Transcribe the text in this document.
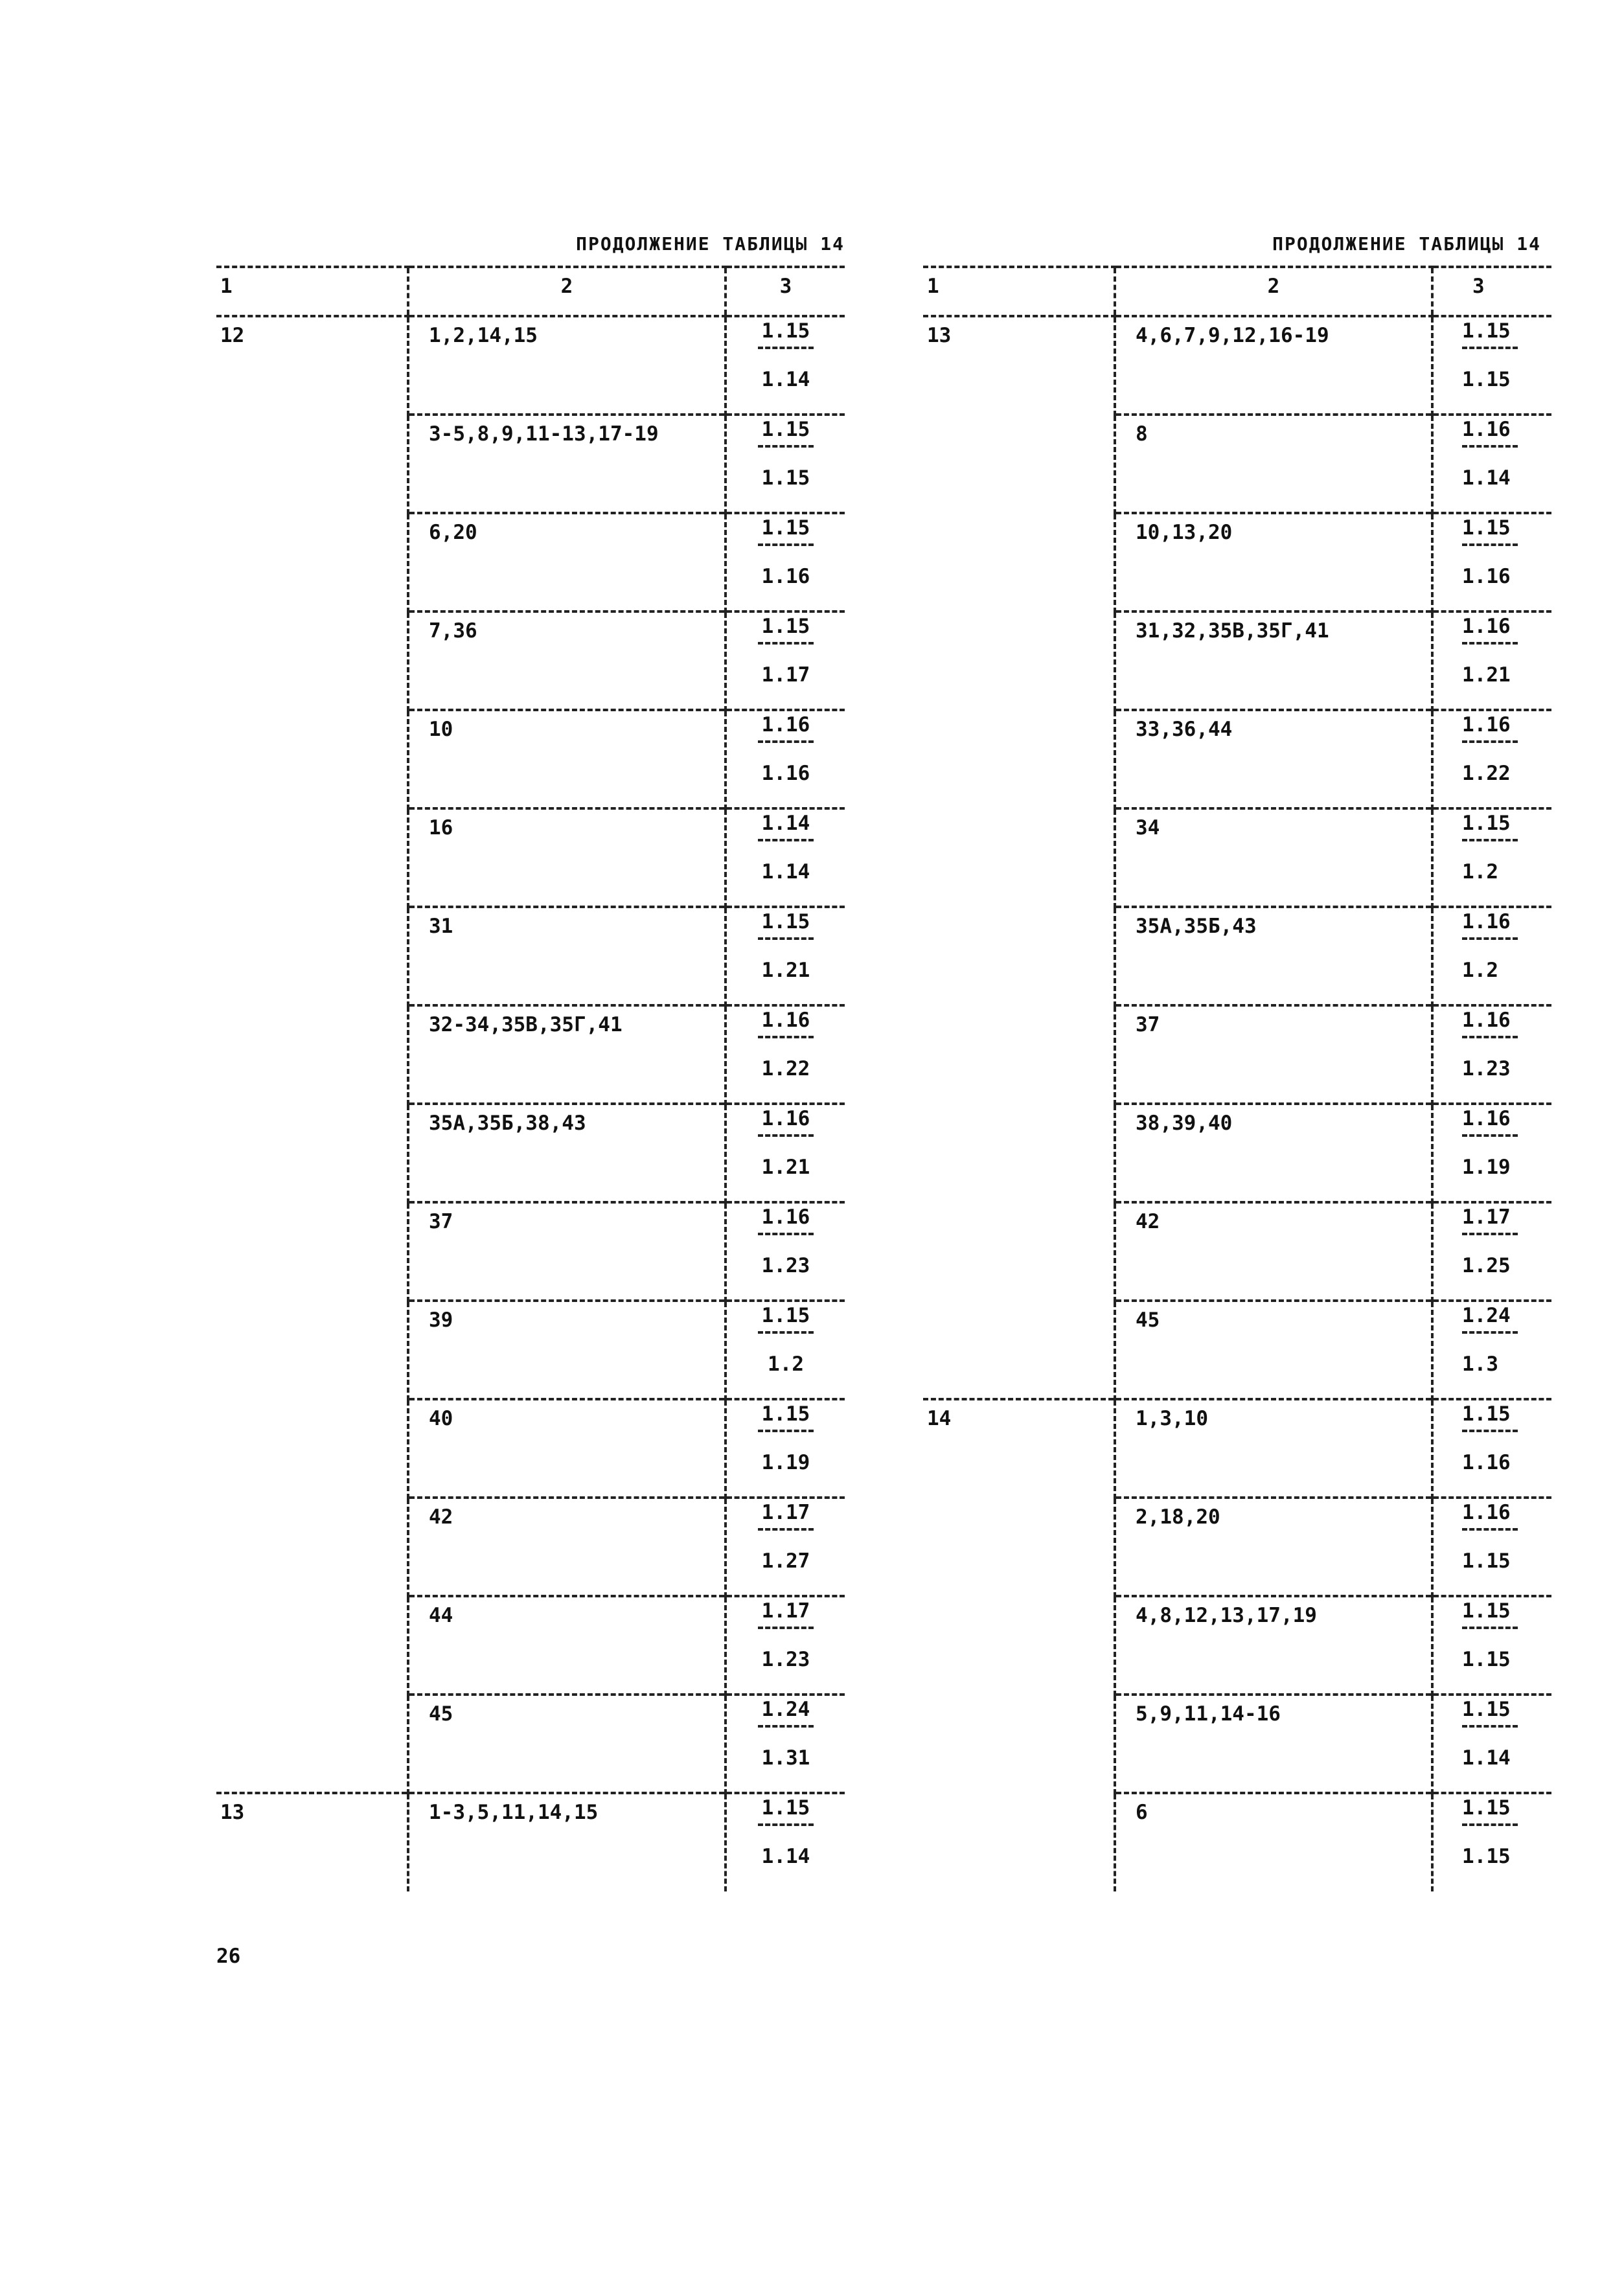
ПРОДОЛЖЕНИЕ ТАБЛИЦЫ 14
1	2	3
12	1,2,14,15	$\frac{1.15}{1.14}$

	3-5,8,9,11-13,17-19	$\frac{1.15}{1.15}$

	6,20	$\frac{1.15}{1.16}$

	7,36	$\frac{1.15}{1.17}$

	10	$\frac{1.16}{1.16}$

	16	$\frac{1.14}{1.14}$

	31	$\frac{1.15}{1.21}$

	32-34,35В,35Г,41	$\frac{1.16}{1.22}$

	35А,35Б,38,43	$\frac{1.16}{1.21}$

	37	$\frac{1.16}{1.23}$

	39	$\frac{1.15}{1.2}$

	40	$\frac{1.15}{1.19}$

	42	$\frac{1.17}{1.27}$

	44	$\frac{1.17}{1.23}$

	45	$\frac{1.24}{1.31}$

13	1-3,5,11,14,15	$\frac{1.15}{1.14}$
ПРОДОЛЖЕНИЕ ТАБЛИЦЫ 14
1	2	3
13	4,6,7,9,12,16-19	$\frac{1.15}{1.15}$

	8	$\frac{1.16}{1.14}$

	10,13,20	$\frac{1.15}{1.16}$

	31,32,35В,35Г,41	$\frac{1.16}{1.21}$

	33,36,44	$\frac{1.16}{1.22}$

	34	$\frac{1.15}{1.2}$

	35А,35Б,43	$\frac{1.16}{1.2}$

	37	$\frac{1.16}{1.23}$

	38,39,40	$\frac{1.16}{1.19}$

	42	$\frac{1.17}{1.25}$

	45	$\frac{1.24}{1.3}$

14	1,3,10	$\frac{1.15}{1.16}$

	2,18,20	$\frac{1.16}{1.15}$

	4,8,12,13,17,19	$\frac{1.15}{1.15}$

	5,9,11,14-16	$\frac{1.15}{1.14}$

	6	$\frac{1.15}{1.15}$
26
